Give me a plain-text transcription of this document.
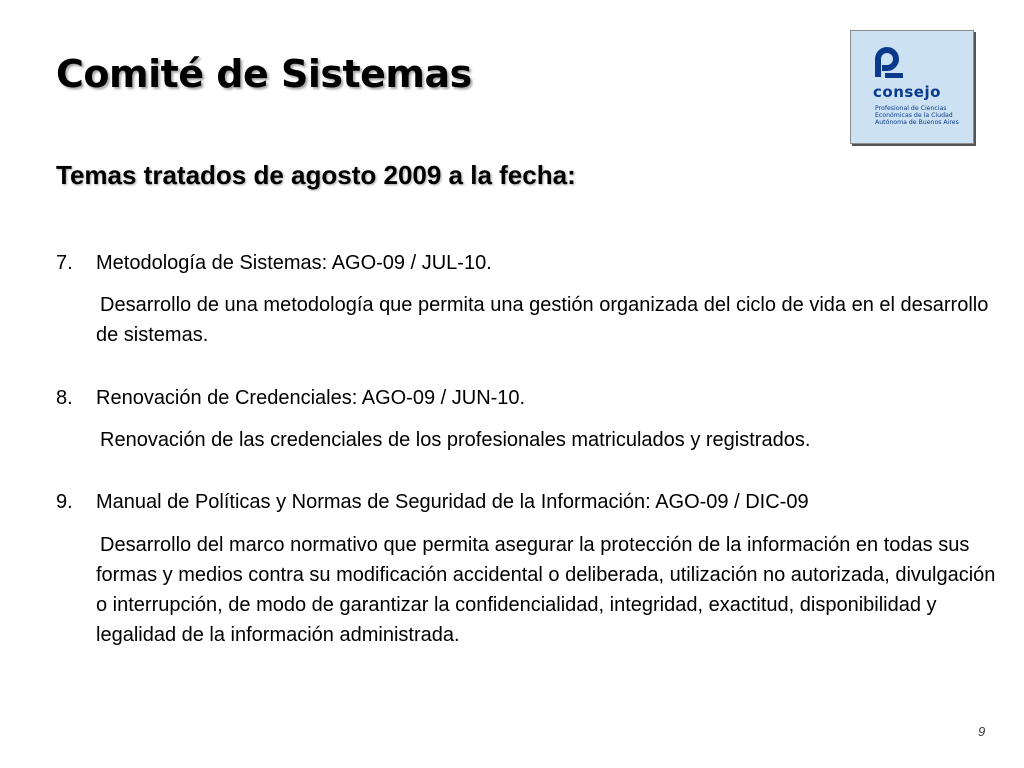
Comité de Sistemas	consejo
Profesional de Ciencias
Económicas de la Ciudad
Autónoma de Buenos Aires
Temas tratados de agosto 2009 a la fecha:
7. Metodología de Sistemas: AGO-09 / JUL-10.
Desarrollo de una metodología que permita una gestión organizada del ciclo de vida en el desarrollo de sistemas.
8. Renovación de Credenciales: AGO-09 / JUN-10.
Renovación de las credenciales de los profesionales matriculados y registrados.
9. Manual de Políticas y Normas de Seguridad de la Información: AGO-09 / DIC-09
Desarrollo del marco normativo que permita asegurar la protección de la información en todas sus formas y medios contra su modificación accidental o deliberada, utilización no autorizada, divulgación o interrupción, de modo de garantizar la confidencialidad, integridad, exactitud, disponibilidad y legalidad de la información administrada.
9
